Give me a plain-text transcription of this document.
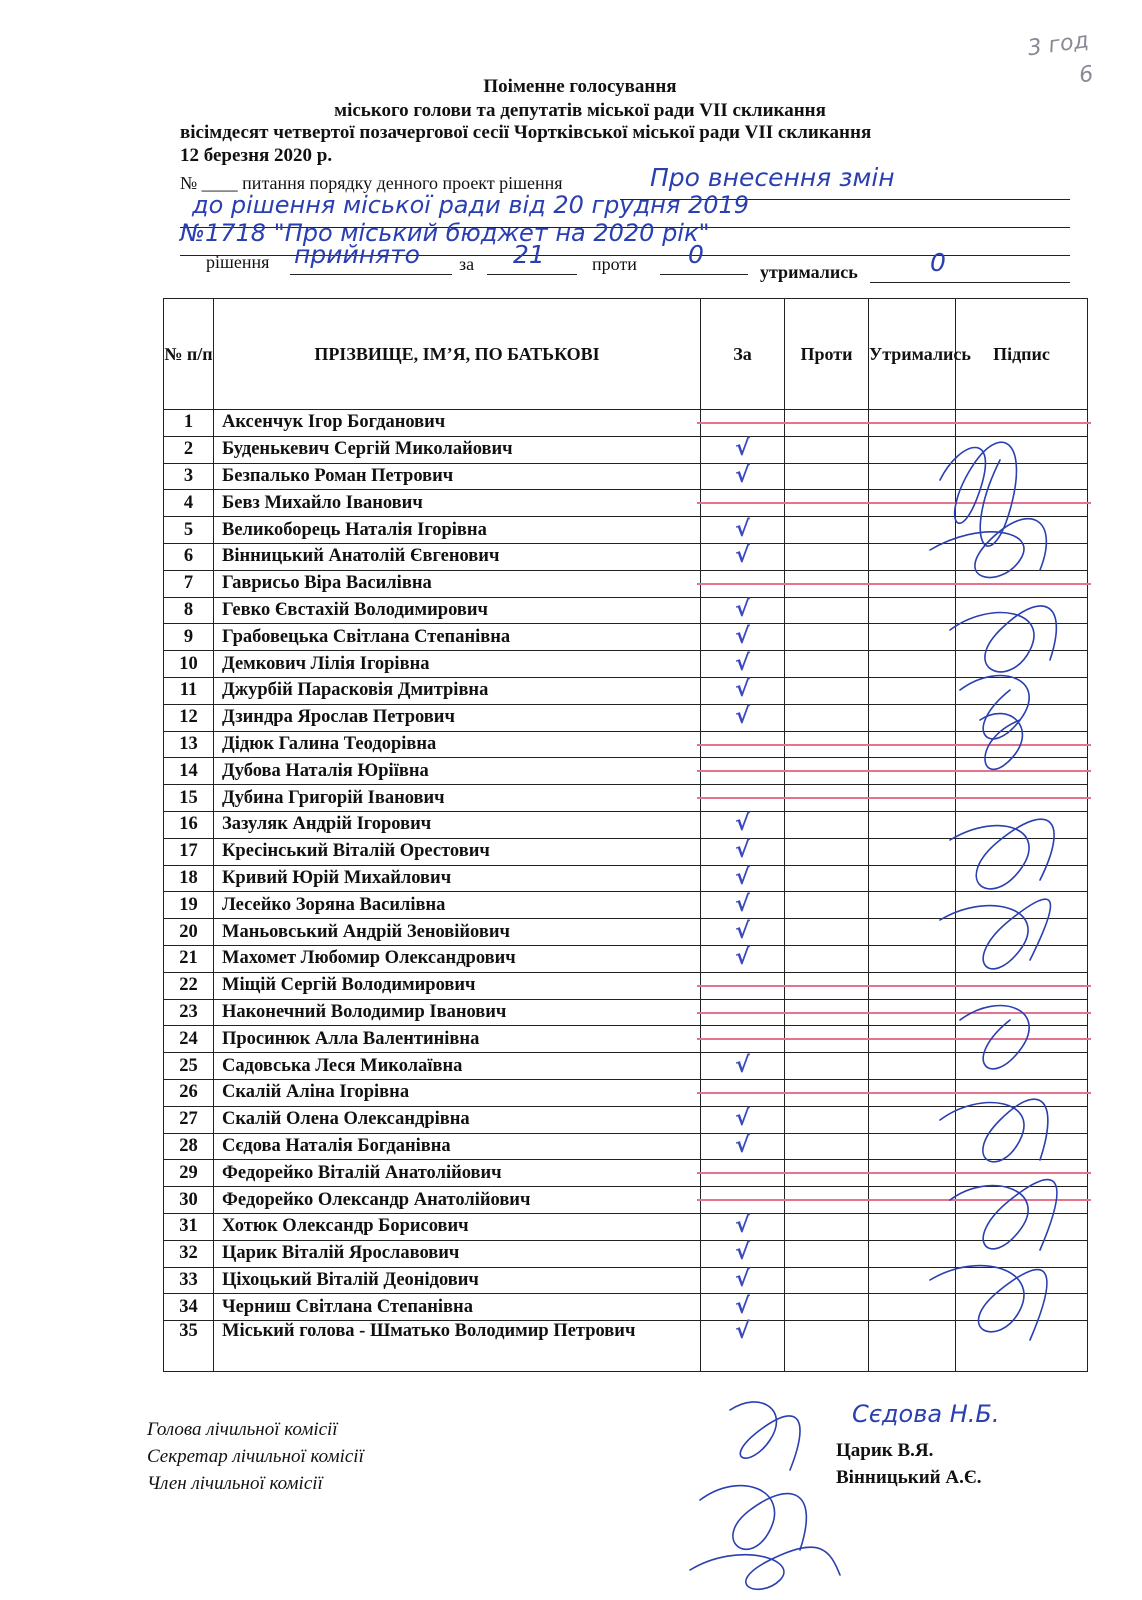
3 год
6
Поіменне голосування
міського голови та депутатів міської ради VII скликання
вісімдесят четвертої позачергової сесії Чортківської міської ради VII скликання
12 березня 2020 р.
№ ____ питання порядку денного проект рішення	Про внесення змін
до рішення міської ради від 20 грудня 2019
№1718 "Про міський бюджет на 2020 рік"
рішення прийнято за 21	проти 0
утримались	0
№ п/п	ПРІЗВИЩЕ, ІМ’Я, ПО БАТЬКОВІ	За	Проти	Утримались	Підпис
1	Аксенчук Ігор Богданович				
2	Буденькевич Сергій Миколайович	√			
3	Безпалько Роман Петрович	√			
4	Бевз Михайло Іванович				
5	Великоборець Наталія Ігорівна	√			
6	Вінницький Анатолій Євгенович	√			
7	Гаврисьо Віра Василівна				
8	Гевко Євстахій Володимирович	√			
9	Грабовецька Світлана Степанівна	√			
10	Демкович Лілія Ігорівна	√			
11	Джурбій Парасковія Дмитрівна	√			
12	Дзиндра Ярослав Петрович	√			
13	Дідюк Галина Теодорівна				
14	Дубова Наталія Юріївна				
15	Дубина Григорій Іванович				
16	Зазуляк Андрій Ігорович	√			
17	Кресінський Віталій Орестович	√			
18	Кривий Юрій Михайлович	√			
19	Лесейко Зоряна Василівна	√			
20	Маньовський Андрій Зеновійович	√			
21	Махомет Любомир Олександрович	√			
22	Міщій Сергій Володимирович				
23	Наконечний Володимир Іванович				
24	Просинюк Алла Валентинівна				
25	Садовська Леся Миколаївна	√			
26	Скалій Аліна Ігорівна				
27	Скалій Олена Олександрівна	√			
28	Сєдова Наталія Богданівна	√			
29	Федорейко Віталій Анатолійович				
30	Федорейко Олександр Анатолійович				
31	Хотюк Олександр Борисович	√			
32	Царик Віталій Ярославович	√			
33	Ціхоцький Віталій Деонідович	√			
34	Черниш Світлана Степанівна	√			
35	Міський голова - Шматько Володимир Петрович	√			
Голова лічильної комісії
Секретар лічильної комісії
Член лічильної комісії
Сєдова Н.Б.
Царик В.Я.
Вінницький А.Є.
